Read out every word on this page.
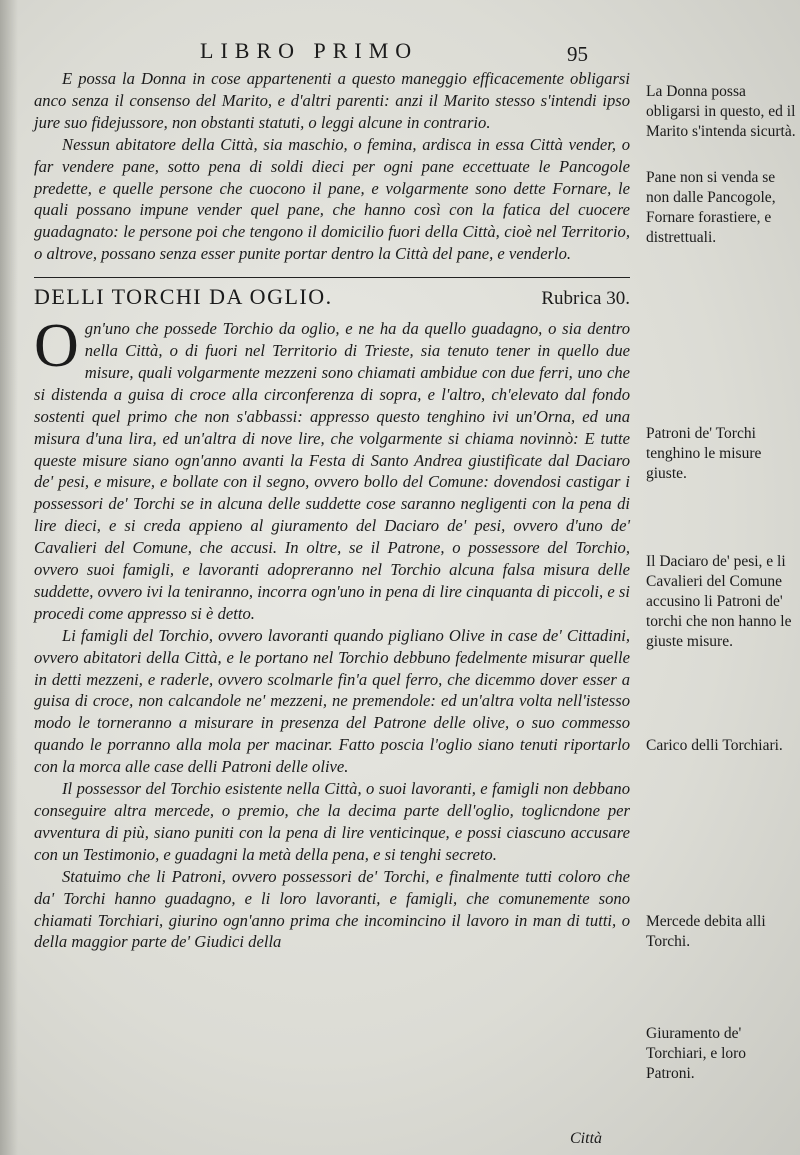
LIBRO PRIMO	95

E possa la Donna in cose appartenenti a questo maneggio efficacemente obligarsi anco senza il consenso del Marito, e d'altri parenti: anzi il Marito stesso s'intendi ipso jure suo fidejussore, non obstanti statuti, o leggi alcune in contrario.

Nessun abitatore della Città, sia maschio, o femina, ardisca in essa Città vender, o far vendere pane, sotto pena di soldi dieci per ogni pane eccettuate le Pancogole predette, e quelle persone che cuocono il pane, e volgarmente sono dette Fornare, le quali possano impune vender quel pane, che hanno così con la fatica del cuocere guadagnato: le persone poi che tengono il domicilio fuori della Città, cioè nel Territorio, o altrove, possano senza esser punite portar dentro la Città del pane, e venderlo.

DELLI TORCHI DA OGLIO.	Rubrica 30.

Ogn'uno che possede Torchio da oglio, e ne ha da quello guadagno, o sia dentro nella Città, o di fuori nel Territorio di Trieste, sia tenuto tener in quello due misure, quali volgarmente mezzeni sono chiamati ambidue con due ferri, uno che si distenda a guisa di croce alla circonferenza di sopra, e l'altro, ch'elevato dal fondo sostenti quel primo che non s'abbassi: appresso questo tenghino ivi un'Orna, ed una misura d'una lira, ed un'altra di nove lire, che volgarmente si chiama novinnò: E tutte queste misure siano ogn'anno avanti la Festa di Santo Andrea giustificate dal Daciaro de' pesi, e misure, e bollate con il segno, ovvero bollo del Comune: dovendosi castigar i possessori de' Torchi se in alcuna delle suddette cose saranno negligenti con la pena di lire dieci, e si creda appieno al giuramento del Daciaro de' pesi, ovvero d'uno de' Cavalieri del Comune, che accusi. In oltre, se il Patrone, o possessore del Torchio, ovvero suoi famigli, e lavoranti adopreranno nel Torchio alcuna falsa misura delle suddette, ovvero ivi la teniranno, incorra ogn'uno in pena di lire cinquanta di piccoli, e si procedi come appresso si è detto.

Li famigli del Torchio, ovvero lavoranti quando pigliano Olive in case de' Cittadini, ovvero abitatori della Città, e le portano nel Torchio debbuno fedelmente misurar quelle in detti mezzeni, e raderle, ovvero scolmarle fin'a quel ferro, che dicemmo dover esser a guisa di croce, non calcandole ne' mezzeni, ne premendole: ed un'altra volta nell'istesso modo le torneranno a misurare in presenza del Patrone delle olive, o suo commesso quando le porranno alla mola per macinar. Fatto poscia l'oglio siano tenuti riportarlo con la morca alle case delli Patroni delle olive.

Il possessor del Torchio esistente nella Città, o suoi lavoranti, e famigli non debbano conseguire altra mercede, o premio, che la decima parte dell'oglio, toglicndone per avventura di più, siano puniti con la pena di lire venticinque, e possi ciascuno accusare con un Testimonio, e guadagni la metà della pena, e si tenghi secreto.

Statuimo che li Patroni, ovvero possessori de' Torchi, e finalmente tutti coloro che da' Torchi hanno guadagno, e li loro lavoranti, e famigli, che comunemente sono chiamati Torchiari, giurino ogn'anno prima che incomincino il lavoro in man di tutti, o della maggior parte de' Giudici della

Città
La Donna possa obligarsi in questo, ed il Marito s'intenda sicurtà.
Pane non si venda se non dalle Pancogole, Fornare forastiere, e distrettuali.
Patroni de' Torchi tenghino le misure giuste.
Il Daciaro de' pesi, e li Cavalieri del Comune accusino li Patroni de' torchi che non hanno le giuste misure.
Carico delli Torchiari.
Mercede debita alli Torchi.
Giuramento de' Torchiari, e loro Patroni.
